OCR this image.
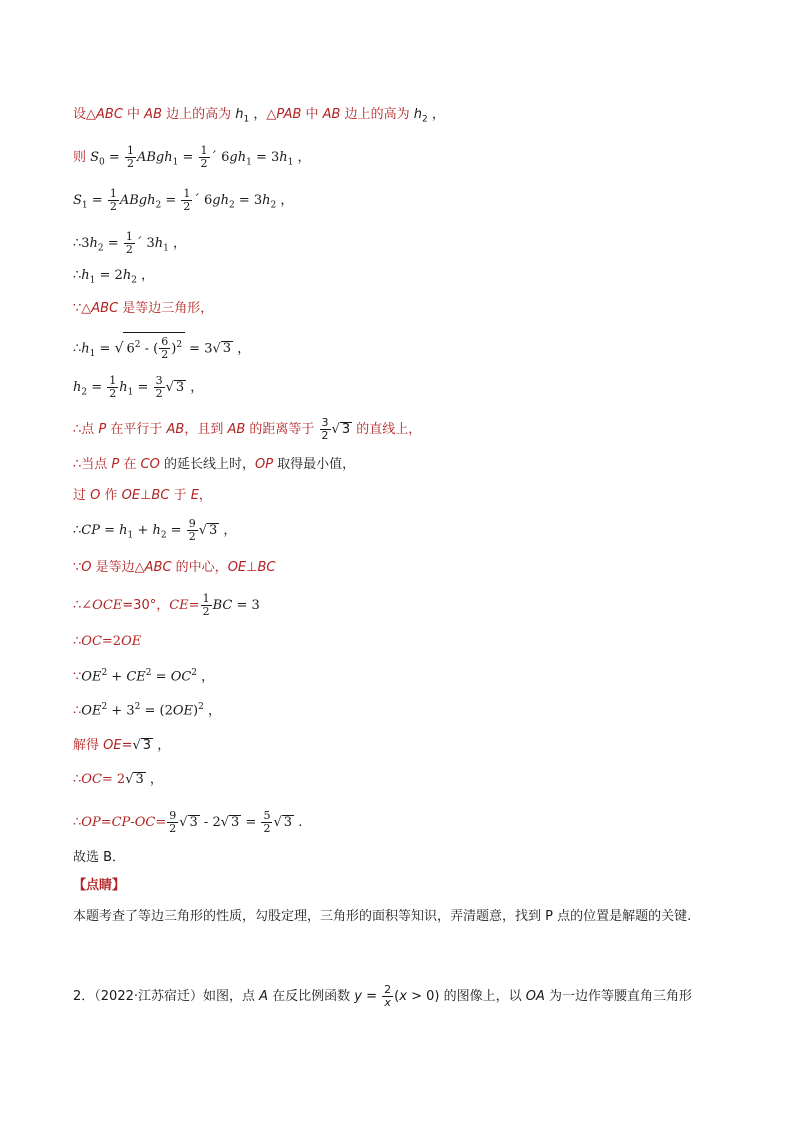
设△ABC 中 AB 边上的高为 $h_1$ ，△PAB 中 AB 边上的高为 $h_2$ ，
则 $S_0 = \frac{1}{2}$ ABgh$_1$ = $\frac{1}{2}$ ´ $6gh_1 = 3h_1$ ，
$S_1 = \frac{1}{2}$ ABgh$_2$ = $\frac{1}{2}$ ´ $6gh_2 = 3h_2$ ，
$\therefore 3h_2 = \frac{1}{2}$ ´ $3h_1$ ，
$\therefore h_1 = 2h_2$ ，
∵△ABC 是等边三角形，
$\therefore h_1$ = √ $6^2$ - ( $\frac{6}{2} )^2 = 3√$ 3 ，
$h_2 = \frac{1}{2} h_1 = \frac{3}{2}$ √ 3 ，
∴点 P 在平行于 AB，且到 AB 的距离等于 $\frac{3}{2}$ √ 3 的直线上，
∴当点 P 在 CO 的延长线上时，OP 取得最小值，
过 O 作 OE⊥BC 于 E，
∴CP = $h_1 + h_2 = \frac{9}{2}$ √ 3 ，
∵O 是等边△ABC 的中心，OE⊥BC
∴∠OCE=30°，$CE= \frac{1}{2}$ BC = 3
∴OC=2OE
$\because OE^2 + CE^2 = OC^2$ ，
$\therefore OE^2 + 3^2 = (2OE)^2$ ，
解得 OE=√ 3 ，
∴OC= 2√ 3 ，
∴OP=CP-OC= $\frac{9}{2}$ √ 3 - 2√ $3 = \frac{5}{2}$ √ 3 .
故选 B．
【点睛】
本题考查了等边三角形的性质，勾股定理，三角形的面积等知识，弄清题意，找到 P 点的位置是解题的关键.
2．（2022·江苏宿迁）如图，点 A 在反比例函数 $y = \frac{2}{x} (x > 0)$ 的图像上，以 OA 为一边作等腰直角三角形
